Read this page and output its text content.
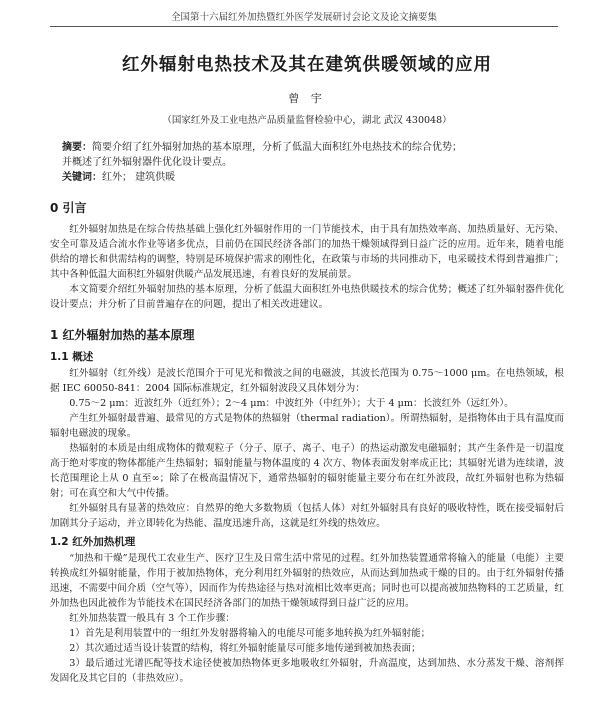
全国第十六届红外加热暨红外医学发展研讨会论文及论文摘要集
红外辐射电热技术及其在建筑供暖领域的应用
曾 宇
（国家红外及工业电热产品质量监督检验中心，湖北 武汉 430048）

摘要：简要介绍了红外辐射加热的基本原理，分析了低温大面积红外电热技术的综合优势；

并概述了红外辐射器件优化设计要点。

关键词：红外； 建筑供暖

0 引言

红外辐射加热是在综合传热基础上强化红外辐射作用的一门节能技术，由于具有加热效率高、加热质量好、无污染、安全可靠及适合流水作业等诸多优点，目前仍在国民经济各部门的加热干燥领域得到日益广泛的应用。近年来，随着电能供给的增长和供需结构的调整，特别是环境保护需求的刚性化，在政策与市场的共同推动下，电采暖技术得到普遍推广；其中各种低温大面积红外辐射供暖产品发展迅速，有着良好的发展前景。

本文简要介绍红外辐射加热的基本原理，分析了低温大面积红外电热供暖技术的综合优势；概述了红外辐射器件优化设计要点；并分析了目前普遍存在的问题，提出了相关改进建议。

1 红外辐射加热的基本原理
1.1 概述

红外辐射（红外线）是波长范围介于可见光和微波之间的电磁波，其波长范围为 0.75～1000 μm。在电热领域，根据 IEC 60050-841：2004 国际标准规定，红外辐射波段又具体划分为：

0.75～2 μm：近波红外（近红外）；2～4 μm：中波红外（中红外）；大于 4 μm：长波红外（远红外）。

产生红外辐射最普遍、最常见的方式是物体的热辐射（thermal radiation）。所谓热辐射，是指物体由于具有温度而辐射电磁波的现象。

热辐射的本质是由组成物体的微观粒子（分子、原子、离子、电子）的热运动激发电磁辐射；其产生条件是一切温度高于绝对零度的物体都能产生热辐射；辐射能量与物体温度的 4 次方、物体表面发射率成正比；其辐射光谱为连续谱，波长范围理论上从 0 直至∞；除了在极高温情况下，通常热辐射的辐射能量主要分布在红外波段，故红外辐射也称为热辐射；可在真空和大气中传播。

红外辐射具有显著的热效应：自然界的绝大多数物质（包括人体）对红外辐射具有良好的吸收特性，既在接受辐射后加剧其分子运动，并立即转化为热能、温度迅速升高，这就是红外线的热效应。

1.2 红外加热机理

“加热和干燥”是现代工农业生产、医疗卫生及日常生活中常见的过程。红外加热装置通常将输入的能量（电能）主要转换成红外辐射能量，作用于被加热物体，充分利用红外辐射的热效应，从而达到加热或干燥的目的。由于红外辐射传播迅速，不需要中间介质（空气等），因而作为传热途径与热对流相比效率更高；同时也可以提高被加热物料的工艺质量，红外加热也因此被作为节能技术在国民经济各部门的加热干燥领域得到日益广泛的应用。

红外加热装置一般具有 3 个工作步骤：

1）首先是利用装置中的一组红外发射器将输入的电能尽可能多地转换为红外辐射能；

2）其次通过适当设计装置的结构，将红外辐射能量尽可能多地传递到被加热表面；

3）最后通过光谱匹配等技术途径使被加热物体更多地吸收红外辐射，升高温度，达到加热、水分蒸发干燥、溶剂挥发固化及其它目的（非热效应）。
